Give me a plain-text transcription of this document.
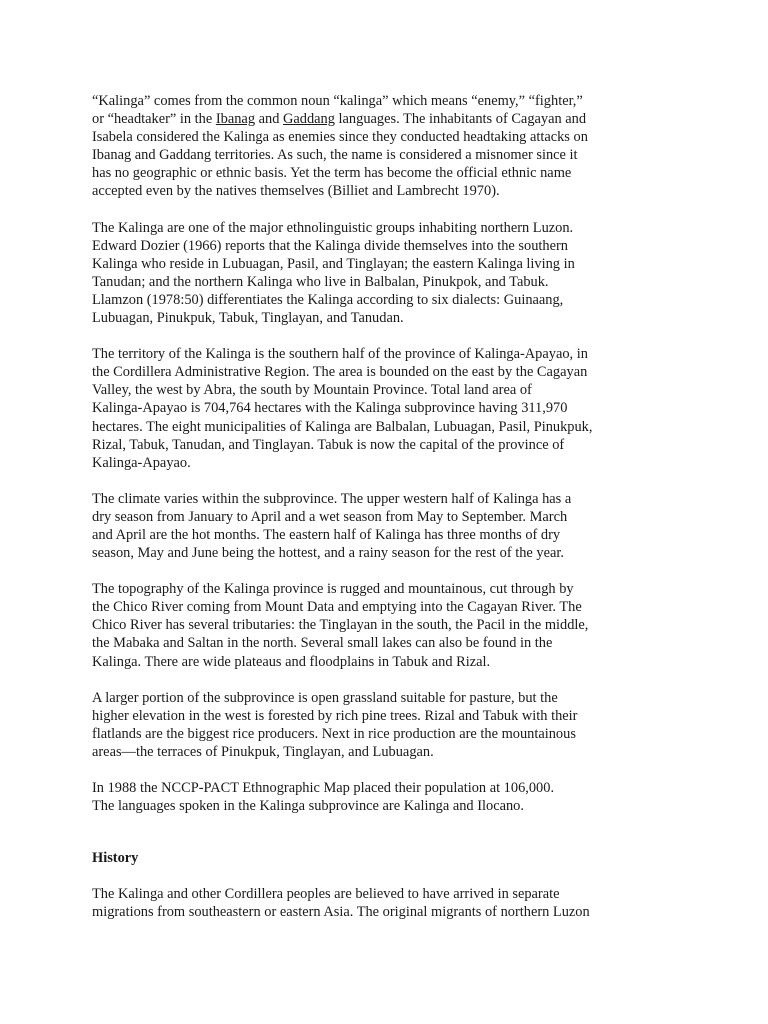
“Kalinga” comes from the common noun “kalinga” which means “enemy,” “fighter,”
or “headtaker” in the Ibanag and Gaddang languages. The inhabitants of Cagayan and
Isabela considered the Kalinga as enemies since they conducted headtaking attacks on
Ibanag and Gaddang territories. As such, the name is considered a misnomer since it
has no geographic or ethnic basis. Yet the term has become the official ethnic name
accepted even by the natives themselves (Billiet and Lambrecht 1970).
The Kalinga are one of the major ethnolinguistic groups inhabiting northern Luzon.
Edward Dozier (1966) reports that the Kalinga divide themselves into the southern
Kalinga who reside in Lubuagan, Pasil, and Tinglayan; the eastern Kalinga living in
Tanudan; and the northern Kalinga who live in Balbalan, Pinukpok, and Tabuk.
Llamzon (1978:50) differentiates the Kalinga according to six dialects: Guinaang,
Lubuagan, Pinukpuk, Tabuk, Tinglayan, and Tanudan.
The territory of the Kalinga is the southern half of the province of Kalinga-Apayao, in
the Cordillera Administrative Region. The area is bounded on the east by the Cagayan
Valley, the west by Abra, the south by Mountain Province. Total land area of
Kalinga-Apayao is 704,764 hectares with the Kalinga subprovince having 311,970
hectares. The eight municipalities of Kalinga are Balbalan, Lubuagan, Pasil, Pinukpuk,
Rizal, Tabuk, Tanudan, and Tinglayan. Tabuk is now the capital of the province of
Kalinga-Apayao.
The climate varies within the subprovince. The upper western half of Kalinga has a
dry season from January to April and a wet season from May to September. March
and April are the hot months. The eastern half of Kalinga has three months of dry
season, May and June being the hottest, and a rainy season for the rest of the year.
The topography of the Kalinga province is rugged and mountainous, cut through by
the Chico River coming from Mount Data and emptying into the Cagayan River. The
Chico River has several tributaries: the Tinglayan in the south, the Pacil in the middle,
the Mabaka and Saltan in the north. Several small lakes can also be found in the
Kalinga. There are wide plateaus and floodplains in Tabuk and Rizal.
A larger portion of the subprovince is open grassland suitable for pasture, but the
higher elevation in the west is forested by rich pine trees. Rizal and Tabuk with their
flatlands are the biggest rice producers. Next in rice production are the mountainous
areas—the terraces of Pinukpuk, Tinglayan, and Lubuagan.
In 1988 the NCCP-PACT Ethnographic Map placed their population at 106,000.
The languages spoken in the Kalinga subprovince are Kalinga and Ilocano.
History
The Kalinga and other Cordillera peoples are believed to have arrived in separate
migrations from southeastern or eastern Asia. The original migrants of northern Luzon
